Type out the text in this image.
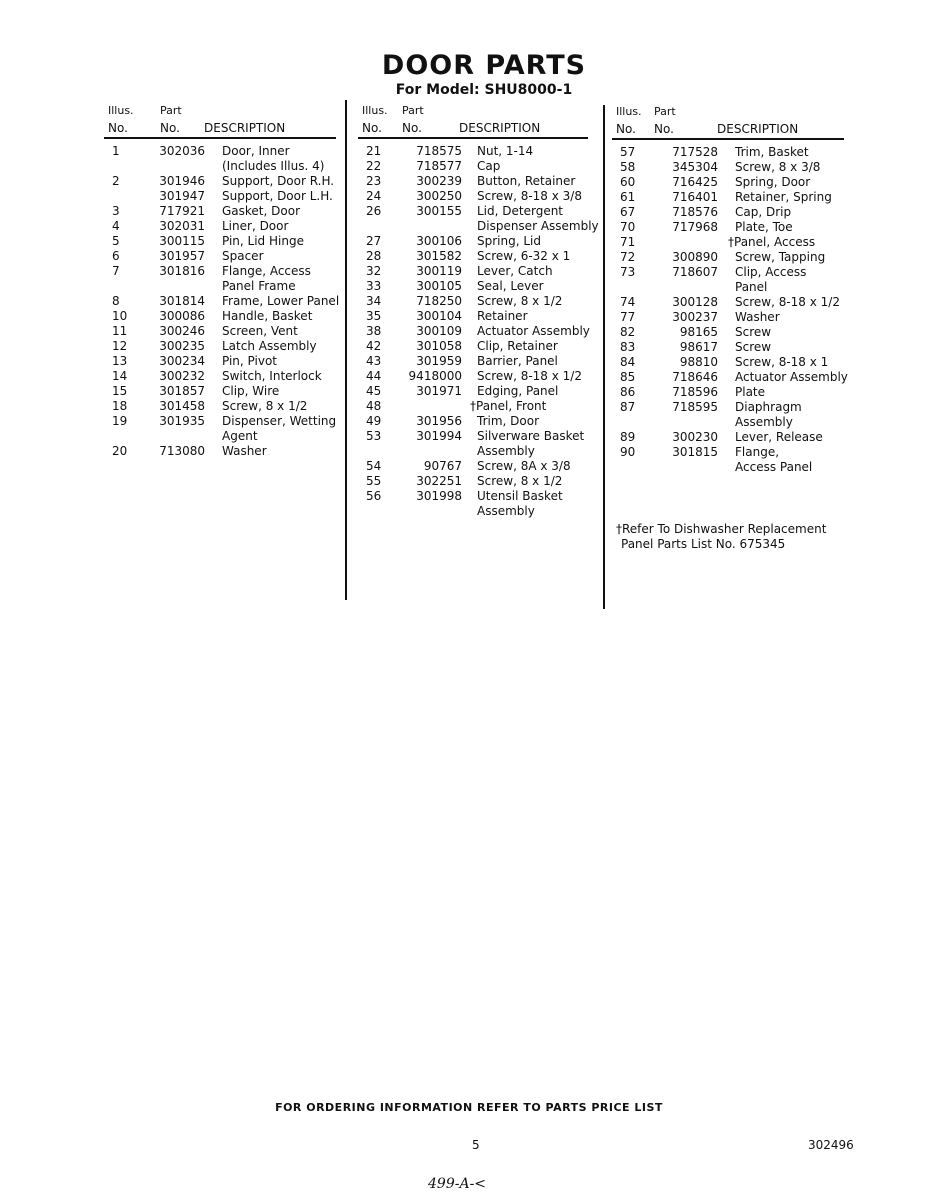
DOOR PARTS
For Model: SHU8000-1
Illus. Part
No.	No. DESCRIPTION
1	302036 Door, Inner
(Includes Illus. 4)
2	301946 Support, Door R.H.
301947 Support, Door L.H.
3	717921 Gasket, Door
4	302031 Liner, Door
5	300115 Pin, Lid Hinge
6	301957 Spacer
7	301816 Flange, Access
Panel Frame
8	301814 Frame, Lower Panel
10	300086 Handle, Basket
11	300246 Screen, Vent
12	300235 Latch Assembly
13	300234 Pin, Pivot
14	300232 Switch, Interlock
15	301857 Clip, Wire
18	301458 Screw, 8 x 1/2
19	301935 Dispenser, Wetting
Agent
20	713080 Washer
Illus. Part
No. No.	DESCRIPTION
21	718575 Nut, 1-14
22	718577 Cap
23	300239 Button, Retainer
24	300250 Screw, 8-18 x 3/8
26	300155 Lid, Detergent
Dispenser Assembly
27	300106 Spring, Lid
28	301582 Screw, 6-32 x 1
32	300119 Lever, Catch
33	300105 Seal, Lever
34	718250 Screw, 8 x 1/2
35	300104 Retainer
38	300109 Actuator Assembly
42	301058 Clip, Retainer
43	301959 Barrier, Panel
44	9418000 Screw, 8-18 x 1/2
45	301971 Edging, Panel
48	†Panel, Front
49	301956 Trim, Door
53	301994 Silverware Basket
Assembly
54	90767 Screw, 8A x 3/8
55	302251 Screw, 8 x 1/2
56	301998 Utensil Basket
Assembly
Illus. Part
No. No.	DESCRIPTION
57	717528 Trim, Basket
58	345304 Screw, 8 x 3/8
60	716425 Spring, Door
61	716401 Retainer, Spring
67	718576 Cap, Drip
70	717968 Plate, Toe
71	†Panel, Access
72	300890 Screw, Tapping
73	718607 Clip, Access
Panel
74	300128 Screw, 8-18 x 1/2
77	300237 Washer
82	98165 Screw
83	98617 Screw
84	98810 Screw, 8-18 x 1
85	718646 Actuator Assembly
86	718596 Plate
87	718595 Diaphragm
Assembly
89	300230 Lever, Release
90	301815 Flange,
Access Panel
†Refer To Dishwasher Replacement
Panel Parts List No. 675345
FOR ORDERING INFORMATION REFER TO PARTS PRICE LIST
5	302496
499-A-<
